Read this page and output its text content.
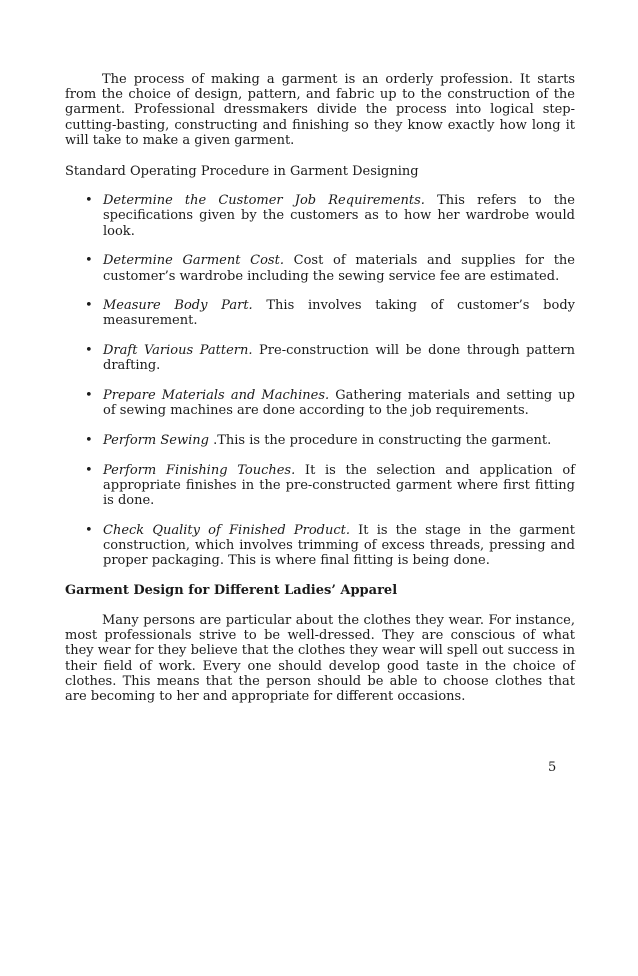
The process of making a garment is an orderly profession. It starts from the choice of design, pattern, and fabric up to the construction of the garment. Professional dressmakers divide the process into logical step-cutting-basting, constructing and finishing so they know exactly how long it will take to make a given garment.

Standard Operating Procedure in Garment Designing

• Determine the Customer Job Requirements. This refers to the specifications given by the customers as to how her wardrobe would look.
• Determine Garment Cost. Cost of materials and supplies for the customer’s wardrobe including the sewing service fee are estimated.
• Measure Body Part. This involves taking of customer’s body measurement.
• Draft Various Pattern. Pre-construction will be done through pattern drafting.
• Prepare Materials and Machines. Gathering materials and setting up of sewing machines are done according to the job requirements.
• Perform Sewing .This is the procedure in constructing the garment.
• Perform Finishing Touches. It is the selection and application of appropriate finishes in the pre-constructed garment where first fitting is done.
• Check Quality of Finished Product. It is the stage in the garment construction, which involves trimming of excess threads, pressing and proper packaging. This is where final fitting is being done.

Garment Design for Different Ladies’ Apparel

Many persons are particular about the clothes they wear. For instance, most professionals strive to be well-dressed. They are conscious of what they wear for they believe that the clothes they wear will spell out success in their field of work. Every one should develop good taste in the choice of clothes. This means that the person should be able to choose clothes that are becoming to her and appropriate for different occasions.

5
